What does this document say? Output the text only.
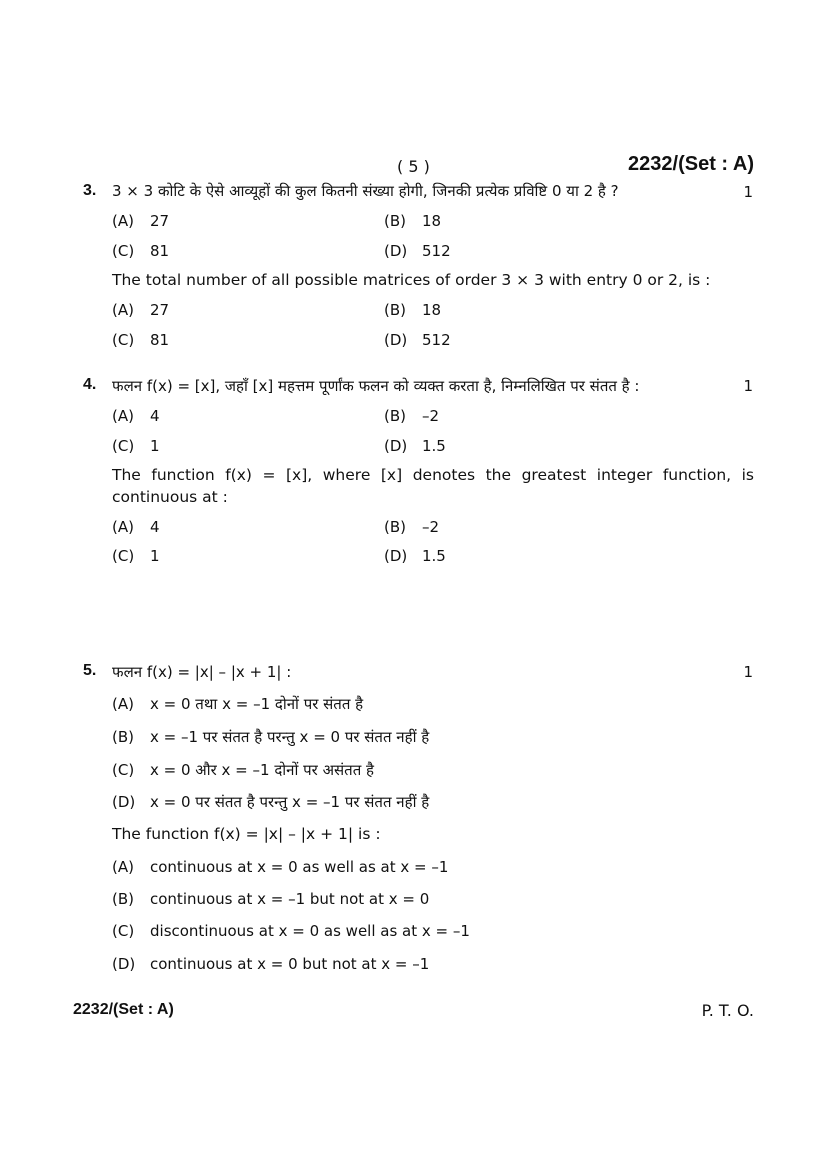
( 5 )	2232/(Set : A)
3. 3 × 3 कोटि के ऐसे आव्यूहों की कुल कितनी संख्या होगी, जिनकी प्रत्येक प्रविष्टि 0 या 2 है ?	1
(A) 27	(B) 18
(C) 81	(D) 512
The total number of all possible matrices of order 3 × 3 with entry 0 or 2, is :
(A) 27	(B) 18
(C) 81	(D) 512
4. फलन f(x) = [x], जहाँ [x] महत्तम पूर्णांक फलन को व्यक्त करता है, निम्नलिखित पर संतत है :	1
(A) 4	(B) –2
(C) 1	(D) 1.5
The function f(x) = [x], where [x] denotes the greatest integer function, is continuous at :
(A) 4	(B) –2
(C) 1	(D) 1.5
5. फलन f(x) = |x| – |x + 1| :	1
(A) x = 0 तथा x = –1 दोनों पर संतत है
(B) x = –1 पर संतत है परन्तु x = 0 पर संतत नहीं है
(C) x = 0 और x = –1 दोनों पर असंतत है
(D) x = 0 पर संतत है परन्तु x = –1 पर संतत नहीं है
The function f(x) = |x| – |x + 1| is :
(A) continuous at x = 0 as well as at x = –1
(B) continuous at x = –1 but not at x = 0
(C) discontinuous at x = 0 as well as at x = –1
(D) continuous at x = 0 but not at x = –1
2232/(Set : A)	P. T. O.
